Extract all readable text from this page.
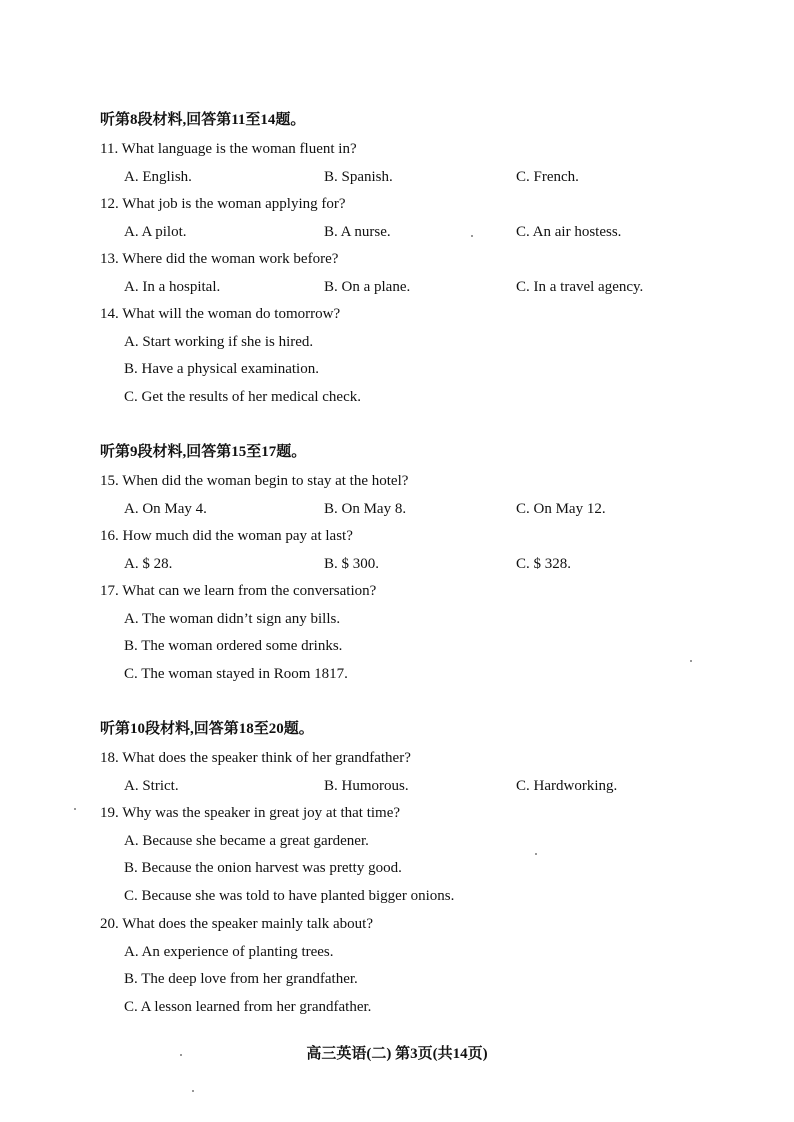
听第8段材料,回答第11至14题。
11. What language is the woman fluent in?
A. English.	B. Spanish.	C. French.
12. What job is the woman applying for?
A. A pilot.	B. A nurse.	C. An air hostess.
13. Where did the woman work before?
A. In a hospital.	B. On a plane.	C. In a travel agency.
14. What will the woman do tomorrow?
A. Start working if she is hired.
B. Have a physical examination.
C. Get the results of her medical check.
听第9段材料,回答第15至17题。
15. When did the woman begin to stay at the hotel?
A. On May 4.	B. On May 8.	C. On May 12.
16. How much did the woman pay at last?
A. $ 28.	B. $ 300.	C. $ 328.
17. What can we learn from the conversation?
A. The woman didn’t sign any bills.
B. The woman ordered some drinks.
C. The woman stayed in Room 1817.
听第10段材料,回答第18至20题。
18. What does the speaker think of her grandfather?
A. Strict.	B. Humorous.	C. Hardworking.
19. Why was the speaker in great joy at that time?
A. Because she became a great gardener.
B. Because the onion harvest was pretty good.
C. Because she was told to have planted bigger onions.
20. What does the speaker mainly talk about?
A. An experience of planting trees.
B. The deep love from her grandfather.
C. A lesson learned from her grandfather.
高三英语(二) 第3页(共14页)
